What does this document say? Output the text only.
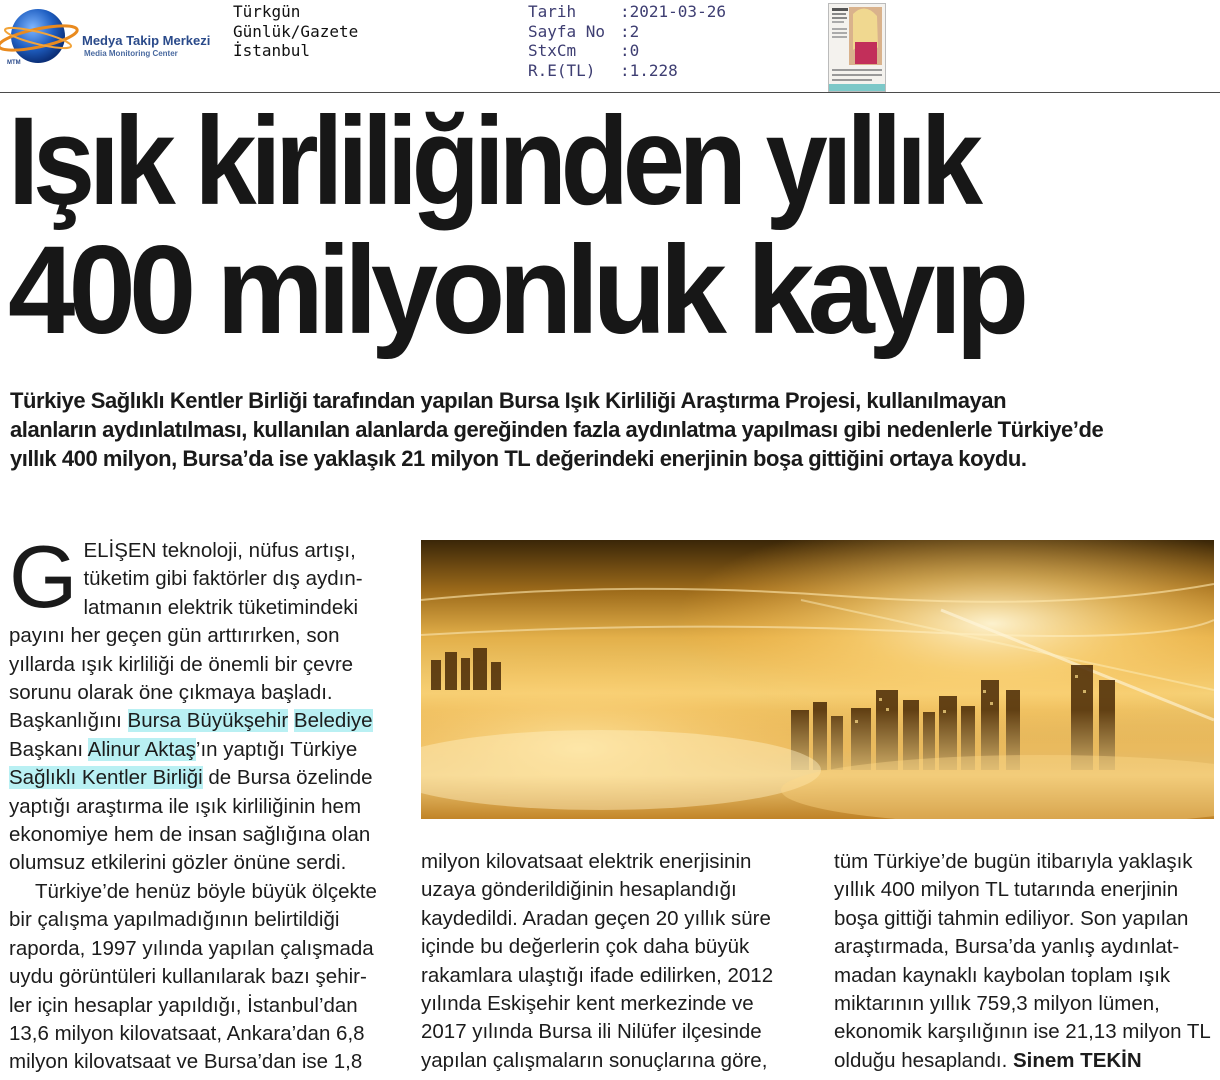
Medya Takip Merkezi
Media Monitoring Center
MTM
Türkgün
Günlük/Gazete
İstanbul
Tarih	:2021-03-26
Sayfa No :2
StxCm	:0
R.E(TL)	:1.228
Işık kirliliğinden yıllık
400 milyonluk kayıp
Türkiye Sağlıklı Kentler Birliği tarafından yapılan Bursa Işık Kirliliği Araştırma Projesi, kullanılmayan
alanların aydınlatılması, kullanılan alanlarda gereğinden fazla aydınlatma yapılması gibi nedenlerle Türkiye’de
yıllık 400 milyon, Bursa’da ise yaklaşık 21 milyon TL değerindeki enerjinin boşa gittiğini ortaya koydu.
G ELİŞEN teknoloji, nüfus artışı,
tüketim gibi faktörler dış aydın-
latmanın elektrik tüketimindeki
payını her geçen gün arttırırken, son
yıllarda ışık kirliliği de önemli bir çevre
sorunu olarak öne çıkmaya başladı.
Başkanlığını Bursa Büyükşehir Belediye
Başkanı Alinur Aktaş’ın yaptığı Türkiye
Sağlıklı Kentler Birliği de Bursa özelinde
yaptığı araştırma ile ışık kirliliğinin hem
ekonomiye hem de insan sağlığına olan
olumsuz etkilerini gözler önüne serdi.
Türkiye’de henüz böyle büyük ölçekte
bir çalışma yapılmadığının belirtildiği
raporda, 1997 yılında yapılan çalışmada
uydu görüntüleri kullanılarak bazı şehir-
ler için hesaplar yapıldığı, İstanbul’dan
13,6 milyon kilovatsaat, Ankara’dan 6,8
milyon kilovatsaat ve Bursa’dan ise 1,8
milyon kilovatsaat elektrik enerjisinin
uzaya gönderildiğinin hesaplandığı
kaydedildi. Aradan geçen 20 yıllık süre
içinde bu değerlerin çok daha büyük
rakamlara ulaştığı ifade edilirken, 2012
yılında Eskişehir kent merkezinde ve
2017 yılında Bursa ili Nilüfer ilçesinde
yapılan çalışmaların sonuçlarına göre,
tüm Türkiye’de bugün itibarıyla yaklaşık
yıllık 400 milyon TL tutarında enerjinin
boşa gittiği tahmin ediliyor. Son yapılan
araştırmada, Bursa’da yanlış aydınlat-
madan kaynaklı kaybolan toplam ışık
miktarının yıllık 759,3 milyon lümen,
ekonomik karşılığının ise 21,13 milyon TL
olduğu hesaplandı. Sinem TEKİN
